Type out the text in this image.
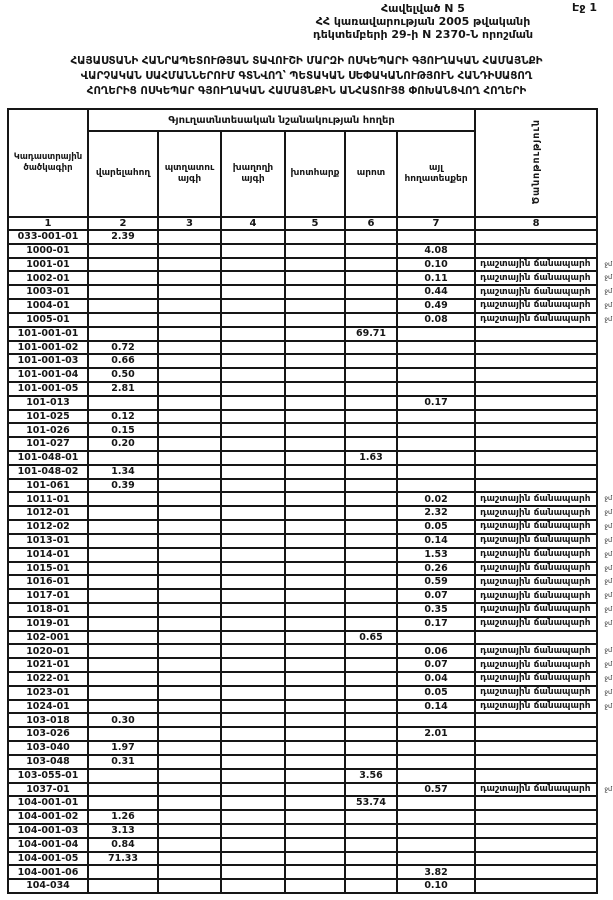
Էջ 1
Հավելված N 5
ՀՀ կառավարության 2005 թվականի
դեկտեմբերի 29-ի N 2370-Ն որոշման
ՀԱՅԱՍՏԱՆԻ ՀԱՆՐԱՊԵՏՈՒԹՅԱՆ ՏԱՎՈՒՇԻ ՄԱՐԶԻ ՈՍԿԵՊԱՐԻ ԳՅՈՒՂԱԿԱՆ ՀԱՄԱՅՆՔԻ
ՎԱՐՉԱԿԱՆ ՍԱՀՄԱՆՆԵՐՈՒՄ ԳՏՆՎՈՂ՝ ՊԵՏԱԿԱՆ ՍԵՓԱԿԱՆՈՒԹՅՈՒՆ ՀԱՆԴԻՍԱՑՈՂ
ՀՈՂԵՐԻՑ ՈՍԿԵՊԱՐ ԳՅՈՒՂԱԿԱՆ ՀԱՄԱՅՆՔԻՆ ԱՆՀԱՏՈՒՅՑ ՓՈԽԱՆՑՎՈՂ ՀՈՂԵՐԻ
Կադաստրային ծածկագիր	Գյուղատնտեսական նշանակության հողեր						Ծանոթություն
	վարելահող	պտղատու այգի	խաղողի այգի	խոտհարք	արոտ	այլ հողատեսքեր	
1	2	3	4	5	6	7	8
033-001-01	2.39						
1000-01						4.08	
1001-01						0.10	դաշտային ճանապարհ ջմ

1002-01						0.11	դաշտային ճանապարհ ջմ

1003-01						0.44	դաշտային ճանապարհ ջմ

1004-01						0.49	դաշտային ճանապարհ ջմ

1005-01						0.08	դաշտային ճանապարհ ջմ

101-001-01					69.71		
101-001-02	0.72						
101-001-03	0.66						
101-001-04	0.50						
101-001-05	2.81						
101-013						0.17	
101-025	0.12						
101-026	0.15						
101-027	0.20						
101-048-01					1.63		
101-048-02	1.34						
101-061	0.39						
1011-01						0.02	դաշտային ճանապարհ ջմ

1012-01						2.32	դաշտային ճանապարհ ջմ

1012-02						0.05	դաշտային ճանապարհ ջմ

1013-01						0.14	դաշտային ճանապարհ ջմ

1014-01						1.53	դաշտային ճանապարհ ջմ

1015-01						0.26	դաշտային ճանապարհ ջմ

1016-01						0.59	դաշտային ճանապարհ ջմ

1017-01						0.07	դաշտային ճանապարհ ջմ

1018-01						0.35	դաշտային ճանապարհ ջմ

1019-01						0.17	դաշտային ճանապարհ ջմ

102-001					0.65		
1020-01						0.06	դաշտային ճանապարհ ջմ

1021-01						0.07	դաշտային ճանապարհ ջմ

1022-01						0.04	դաշտային ճանապարհ ջմ

1023-01						0.05	դաշտային ճանապարհ ջմ

1024-01						0.14	դաշտային ճանապարհ ջմ

103-018	0.30						
103-026						2.01	
103-040	1.97						
103-048	0.31						
103-055-01					3.56		
1037-01						0.57	դաշտային ճանապարհ ջմ

104-001-01					53.74		
104-001-02	1.26						
104-001-03	3.13						
104-001-04	0.84						
104-001-05	71.33						
104-001-06						3.82	
104-034						0.10	
